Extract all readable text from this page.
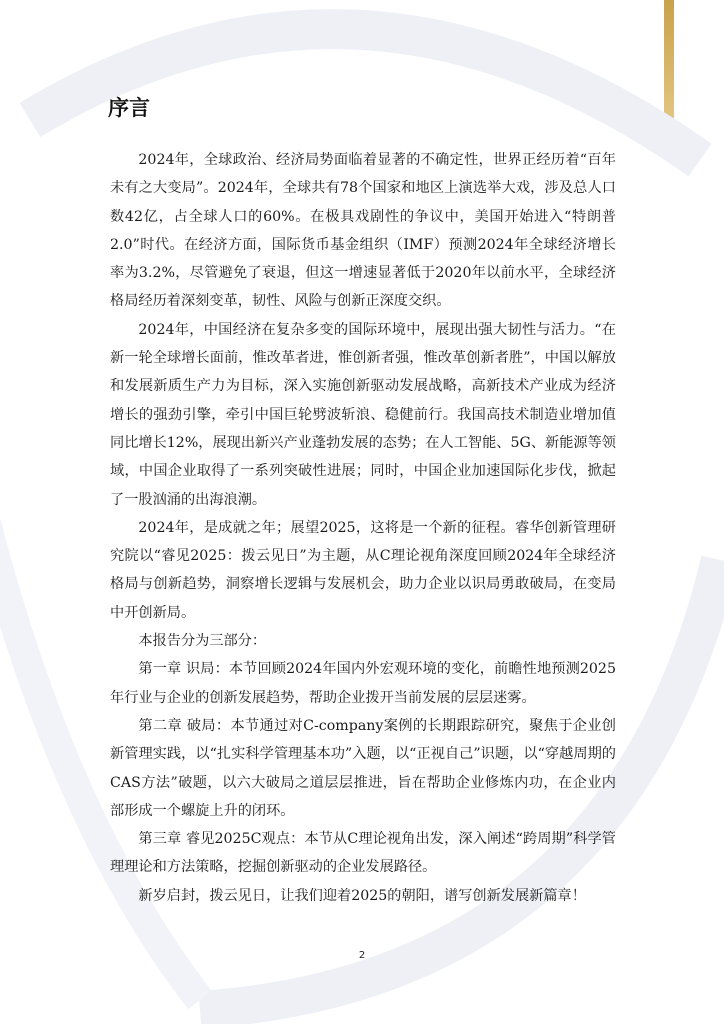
序言

2024年，全球政治、经济局势面临着显著的不确定性，世界正经历着“百年未有之大变局”。2024年，全球共有78个国家和地区上演选举大戏，涉及总人口数42亿，占全球人口的60%。在极具戏剧性的争议中，美国开始进入“特朗普2.0”时代。在经济方面，国际货币基金组织（IMF）预测2024年全球经济增长率为3.2%，尽管避免了衰退，但这一增速显著低于2020年以前水平，全球经济格局经历着深刻变革，韧性、风险与创新正深度交织。

2024年，中国经济在复杂多变的国际环境中，展现出强大韧性与活力。“在新一轮全球增长面前，惟改革者进，惟创新者强，惟改革创新者胜”，中国以解放和发展新质生产力为目标，深入实施创新驱动发展战略，高新技术产业成为经济增长的强劲引擎，牵引中国巨轮劈波斩浪、稳健前行。我国高技术制造业增加值同比增长12%，展现出新兴产业蓬勃发展的态势；在人工智能、5G、新能源等领域，中国企业取得了一系列突破性进展；同时，中国企业加速国际化步伐，掀起了一股汹涌的出海浪潮。

2024年，是成就之年；展望2025，这将是一个新的征程。睿华创新管理研究院以“睿见2025：拨云见日”为主题，从C理论视角深度回顾2024年全球经济格局与创新趋势，洞察增长逻辑与发展机会，助力企业以识局勇敢破局，在变局中开创新局。

本报告分为三部分：

第一章 识局：本节回顾2024年国内外宏观环境的变化，前瞻性地预测2025年行业与企业的创新发展趋势，帮助企业拨开当前发展的层层迷雾。

第二章 破局：本节通过对C-company案例的长期跟踪研究，聚焦于企业创新管理实践，以“扎实科学管理基本功”入题，以“正视自己”识题，以“穿越周期的CAS方法”破题，以六大破局之道层层推进，旨在帮助企业修炼内功，在企业内部形成一个螺旋上升的闭环。

第三章 睿见2025C观点：本节从C理论视角出发，深入阐述“跨周期”科学管理理论和方法策略，挖掘创新驱动的企业发展路径。

新岁启封，拨云见日，让我们迎着2025的朝阳，谱写创新发展新篇章！

2
